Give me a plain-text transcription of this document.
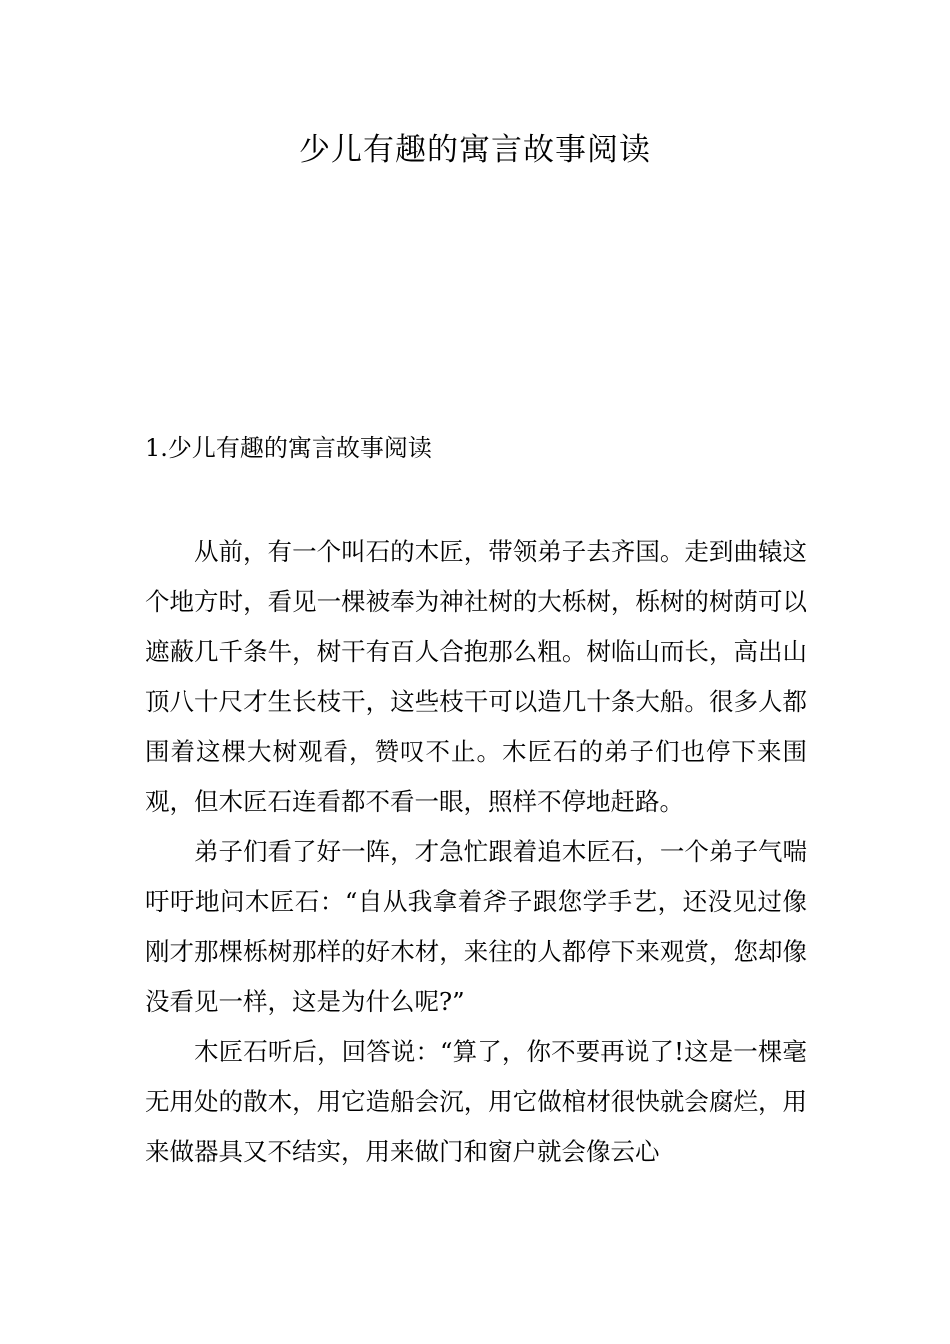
少儿有趣的寓言故事阅读
1.少儿有趣的寓言故事阅读

从前，有一个叫石的木匠，带领弟子去齐国。走到曲辕这个地方时，看见一棵被奉为神社树的大栎树，栎树的树荫可以遮蔽几千条牛，树干有百人合抱那么粗。树临山而长，高出山顶八十尺才生长枝干，这些枝干可以造几十条大船。很多人都围着这棵大树观看，赞叹不止。木匠石的弟子们也停下来围观，但木匠石连看都不看一眼，照样不停地赶路。

弟子们看了好一阵，才急忙跟着追木匠石，一个弟子气喘吁吁地问木匠石：“自从我拿着斧子跟您学手艺，还没见过像刚才那棵栎树那样的好木材，来往的人都停下来观赏，您却像没看见一样，这是为什么呢?”

木匠石听后，回答说：“算了，你不要再说了!这是一棵毫无用处的散木，用它造船会沉，用它做棺材很快就会腐烂，用来做器具又不结实，用来做门和窗户就会像云心
